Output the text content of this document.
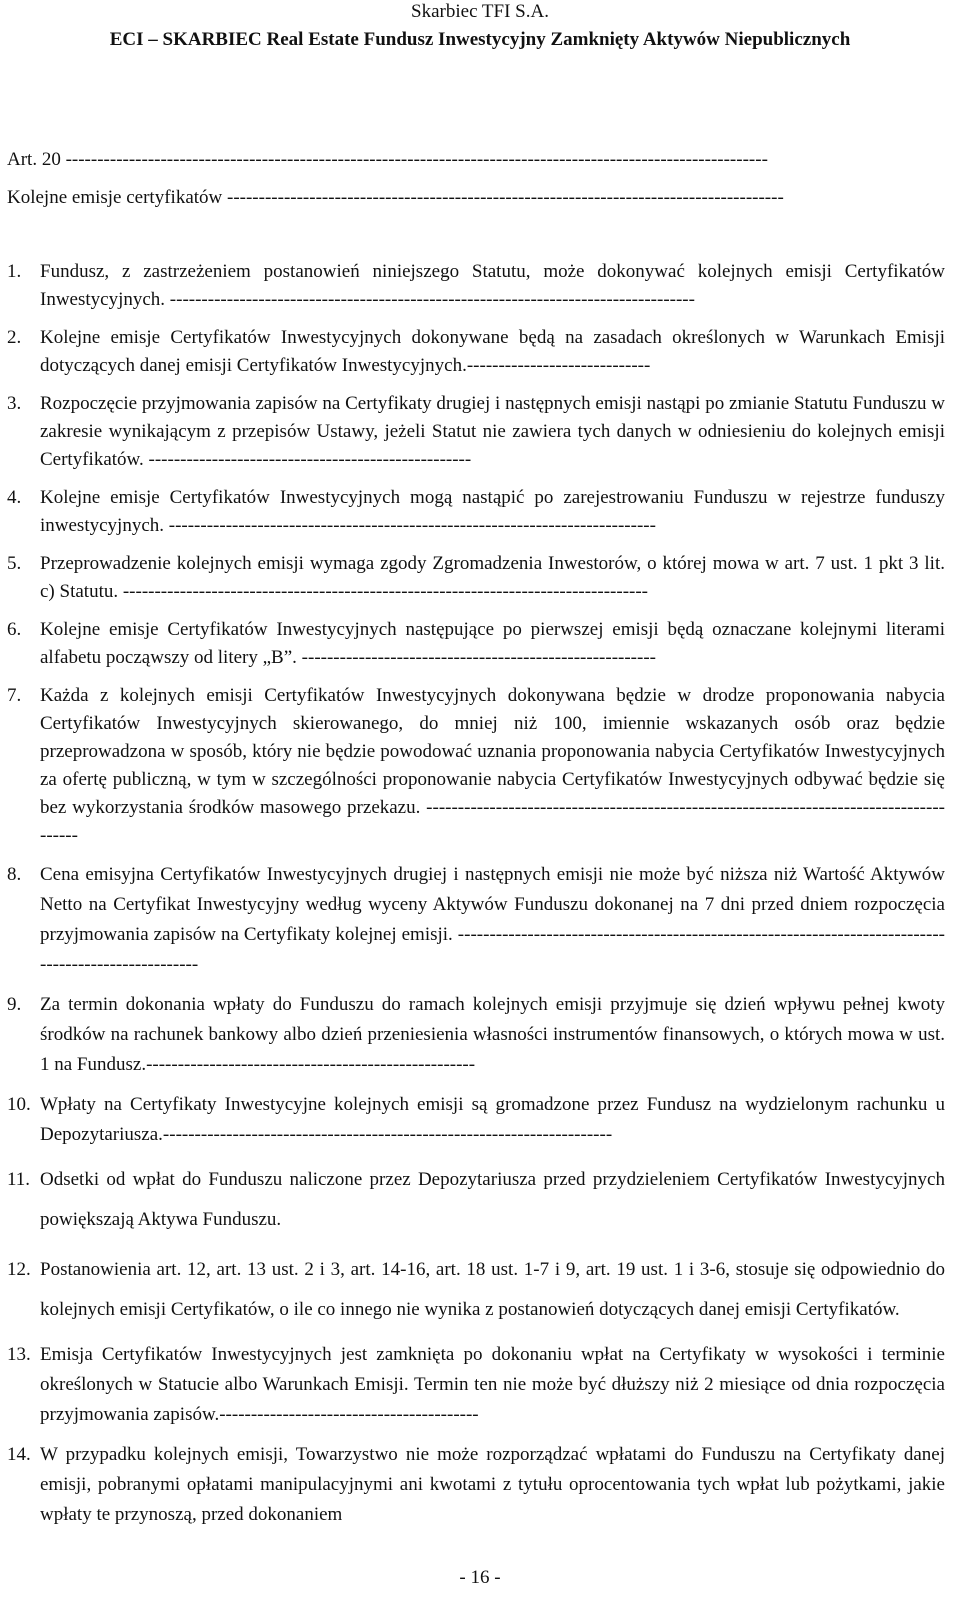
Skarbiec TFI S.A.
ECI – SKARBIEC Real Estate Fundusz Inwestycyjny Zamknięty Aktywów Niepublicznych
Art. 20 ---------------------------------------------------------------------------------------------------------------
Kolejne emisje certyfikatów ----------------------------------------------------------------------------------------
1. Fundusz, z zastrzeżeniem postanowień niniejszego Statutu, może dokonywać kolejnych emisji Certyfikatów Inwestycyjnych. -----------------------------------------------------------------------------------
2. Kolejne emisje Certyfikatów Inwestycyjnych dokonywane będą na zasadach określonych w Warunkach Emisji dotyczących danej emisji Certyfikatów Inwestycyjnych.-----------------------------
3. Rozpoczęcie przyjmowania zapisów na Certyfikaty drugiej i następnych emisji nastąpi po zmianie Statutu Funduszu w zakresie wynikającym z przepisów Ustawy, jeżeli Statut nie zawiera tych danych w odniesieniu do kolejnych emisji Certyfikatów. ---------------------------------------------------
4. Kolejne emisje Certyfikatów Inwestycyjnych mogą nastąpić po zarejestrowaniu Funduszu w rejestrze funduszy inwestycyjnych. -----------------------------------------------------------------------------
5. Przeprowadzenie kolejnych emisji wymaga zgody Zgromadzenia Inwestorów, o której mowa w art. 7 ust. 1 pkt 3 lit. c) Statutu. -----------------------------------------------------------------------------------
6. Kolejne emisje Certyfikatów Inwestycyjnych następujące po pierwszej emisji będą oznaczane kolejnymi literami alfabetu począwszy od litery „B”. --------------------------------------------------------
7. Każda z kolejnych emisji Certyfikatów Inwestycyjnych dokonywana będzie w drodze proponowania nabycia Certyfikatów Inwestycyjnych skierowanego, do mniej niż 100, imiennie wskazanych osób oraz będzie przeprowadzona w sposób, który nie będzie powodować uznania proponowania nabycia Certyfikatów Inwestycyjnych za ofertę publiczną, w tym w szczególności proponowanie nabycia Certyfikatów Inwestycyjnych odbywać będzie się bez wykorzystania środków masowego przekazu. ----------------------------------------------------------------------------------------
8. Cena emisyjna Certyfikatów Inwestycyjnych drugiej i następnych emisji nie może być niższa niż Wartość Aktywów Netto na Certyfikat Inwestycyjny według wyceny Aktywów Funduszu dokonanej na 7 dni przed dniem rozpoczęcia przyjmowania zapisów na Certyfikaty kolejnej emisji. ------------------------------------------------------------------------------------------------------
9. Za termin dokonania wpłaty do Funduszu do ramach kolejnych emisji przyjmuje się dzień wpływu pełnej kwoty środków na rachunek bankowy albo dzień przeniesienia własności instrumentów finansowych, o których mowa w ust. 1 na Fundusz.----------------------------------------------------
10. Wpłaty na Certyfikaty Inwestycyjne kolejnych emisji są gromadzone przez Fundusz na wydzielonym rachunku u Depozytariusza.-----------------------------------------------------------------------
11. Odsetki od wpłat do Funduszu naliczone przez Depozytariusza przed przydzieleniem Certyfikatów Inwestycyjnych powiększają Aktywa Funduszu.
12. Postanowienia art. 12, art. 13 ust. 2 i 3, art. 14-16, art. 18 ust. 1-7 i 9, art. 19 ust. 1 i 3-6, stosuje się odpowiednio do kolejnych emisji Certyfikatów, o ile co innego nie wynika z postanowień dotyczących danej emisji Certyfikatów.
13. Emisja Certyfikatów Inwestycyjnych jest zamknięta po dokonaniu wpłat na Certyfikaty w wysokości i terminie określonych w Statucie albo Warunkach Emisji. Termin ten nie może być dłuższy niż 2 miesiące od dnia rozpoczęcia przyjmowania zapisów.-----------------------------------------
14. W przypadku kolejnych emisji, Towarzystwo nie może rozporządzać wpłatami do Funduszu na Certyfikaty danej emisji, pobranymi opłatami manipulacyjnymi ani kwotami z tytułu oprocentowania tych wpłat lub pożytkami, jakie wpłaty te przynoszą, przed dokonaniem
- 16 -
